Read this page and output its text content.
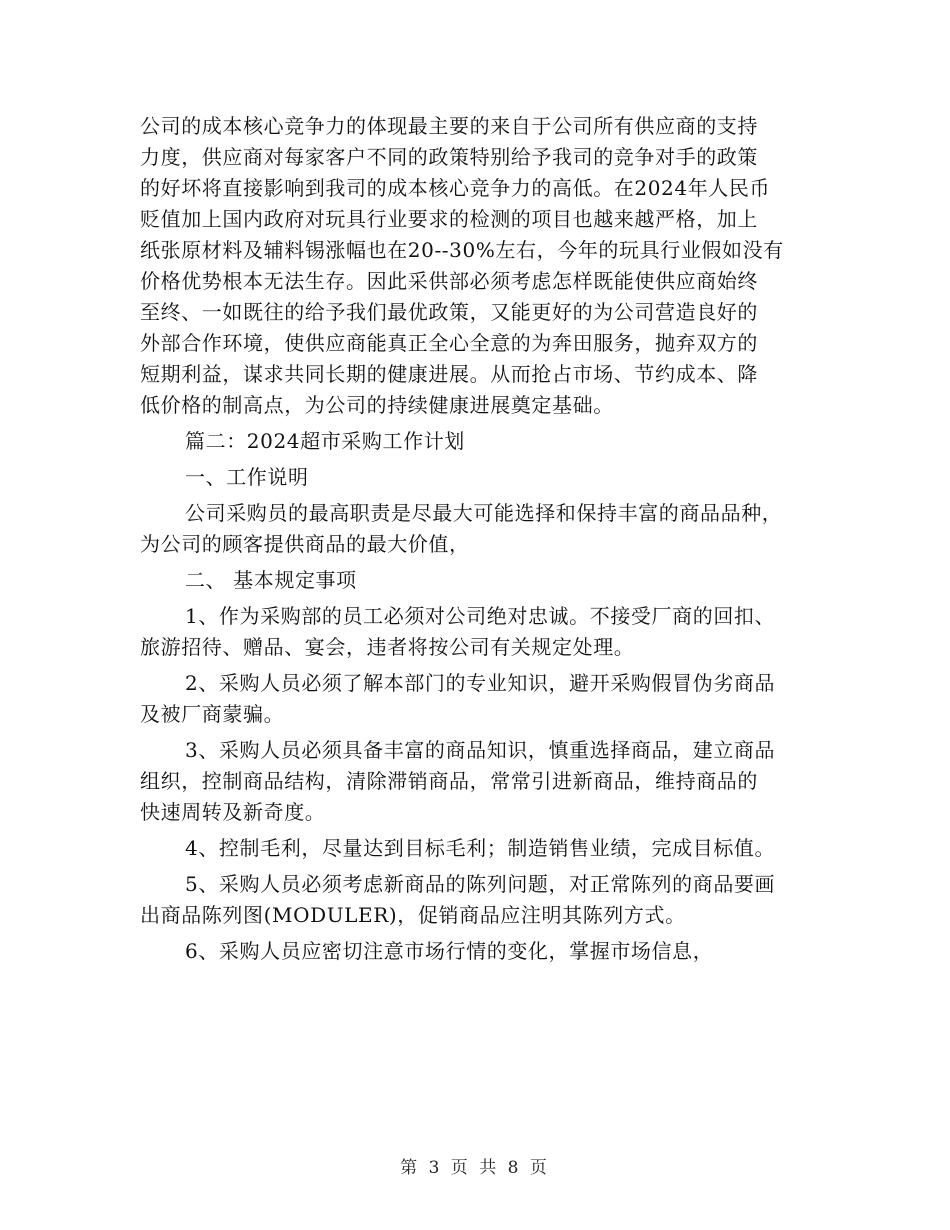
公司的成本核心竞争力的体现最主要的来自于公司所有供应商的支持

力度，供应商对每家客户不同的政策特别给予我司的竞争对手的政策

的好坏将直接影响到我司的成本核心竞争力的高低。在2024年人民币

贬值加上国内政府对玩具行业要求的检测的项目也越来越严格，加上

纸张原材料及辅料锡涨幅也在20--30%左右，今年的玩具行业假如没有

价格优势根本无法生存。因此采供部必须考虑怎样既能使供应商始终

至终、一如既往的给予我们最优政策，又能更好的为公司营造良好的

外部合作环境，使供应商能真正全心全意的为奔田服务，抛弃双方的

短期利益，谋求共同长期的健康进展。从而抢占市场、节约成本、降

低价格的制高点，为公司的持续健康进展奠定基础。

篇二：2024超市采购工作计划

一、工作说明

公司采购员的最高职责是尽最大可能选择和保持丰富的商品品种，

为公司的顾客提供商品的最大价值，

二、 基本规定事项

1、作为采购部的员工必须对公司绝对忠诚。不接受厂商的回扣、

旅游招待、赠品、宴会，违者将按公司有关规定处理。

2、采购人员必须了解本部门的专业知识，避开采购假冒伪劣商品

及被厂商蒙骗。

3、采购人员必须具备丰富的商品知识，慎重选择商品，建立商品

组织，控制商品结构，清除滞销商品，常常引进新商品，维持商品的

快速周转及新奇度。

4、控制毛利，尽量达到目标毛利；制造销售业绩，完成目标值。

5、采购人员必须考虑新商品的陈列问题，对正常陈列的商品要画

出商品陈列图(MODULER)，促销商品应注明其陈列方式。

6、采购人员应密切注意市场行情的变化，掌握市场信息，

第 3 页 共 8 页
